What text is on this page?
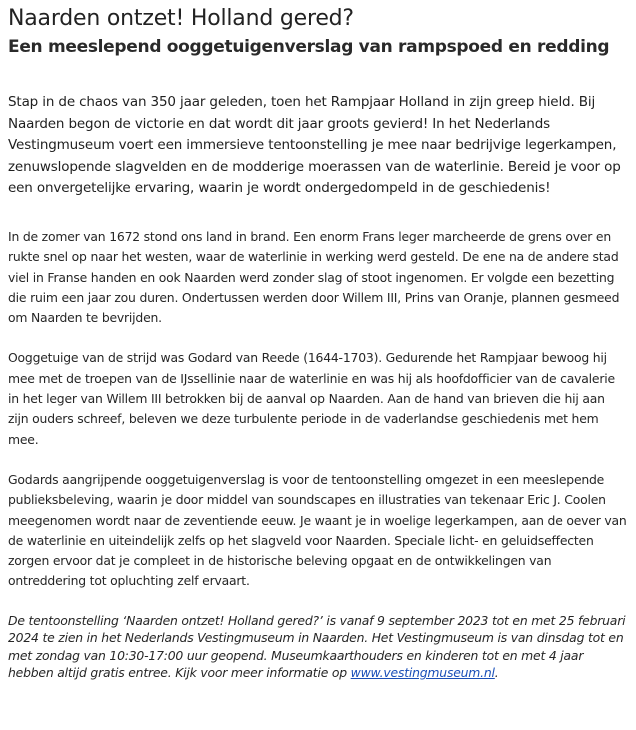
Naarden ontzet! Holland gered?
Een meeslepend ooggetuigenverslag van rampspoed en redding

Stap in de chaos van 350 jaar geleden, toen het Rampjaar Holland in zijn greep hield. Bij Naarden begon de victorie en dat wordt dit jaar groots gevierd! In het Nederlands Vestingmuseum voert een immersieve tentoonstelling je mee naar bedrijvige legerkampen, zenuwslopende slagvelden en de modderige moerassen van de waterlinie. Bereid je voor op een onvergetelijke ervaring, waarin je wordt ondergedompeld in de geschiedenis!

In de zomer van 1672 stond ons land in brand. Een enorm Frans leger marcheerde de grens over en rukte snel op naar het westen, waar de waterlinie in werking werd gesteld. De ene na de andere stad viel in Franse handen en ook Naarden werd zonder slag of stoot ingenomen. Er volgde een bezetting die ruim een jaar zou duren. Ondertussen werden door Willem III, Prins van Oranje, plannen gesmeed om Naarden te bevrijden.

Ooggetuige van de strijd was Godard van Reede (1644-1703). Gedurende het Rampjaar bewoog hij mee met de troepen van de IJssellinie naar de waterlinie en was hij als hoofdofficier van de cavalerie in het leger van Willem III betrokken bij de aanval op Naarden. Aan de hand van brieven die hij aan zijn ouders schreef, beleven we deze turbulente periode in de vaderlandse geschiedenis met hem mee.

Godards aangrijpende ooggetuigenverslag is voor de tentoonstelling omgezet in een meeslepende publieksbeleving, waarin je door middel van soundscapes en illustraties van tekenaar Eric J. Coolen meegenomen wordt naar de zeventiende eeuw. Je waant je in woelige legerkampen, aan de oever van de waterlinie en uiteindelijk zelfs op het slagveld voor Naarden. Speciale licht- en geluidseffecten zorgen ervoor dat je compleet in de historische beleving opgaat en de ontwikkelingen van ontreddering tot opluchting zelf ervaart.

De tentoonstelling ‘Naarden ontzet! Holland gered?’ is vanaf 9 september 2023 tot en met 25 februari 2024 te zien in het Nederlands Vestingmuseum in Naarden. Het Vestingmuseum is van dinsdag tot en met zondag van 10:30-17:00 uur geopend. Museumkaarthouders en kinderen tot en met 4 jaar hebben altijd gratis entree. Kijk voor meer informatie op www.vestingmuseum.nl.
